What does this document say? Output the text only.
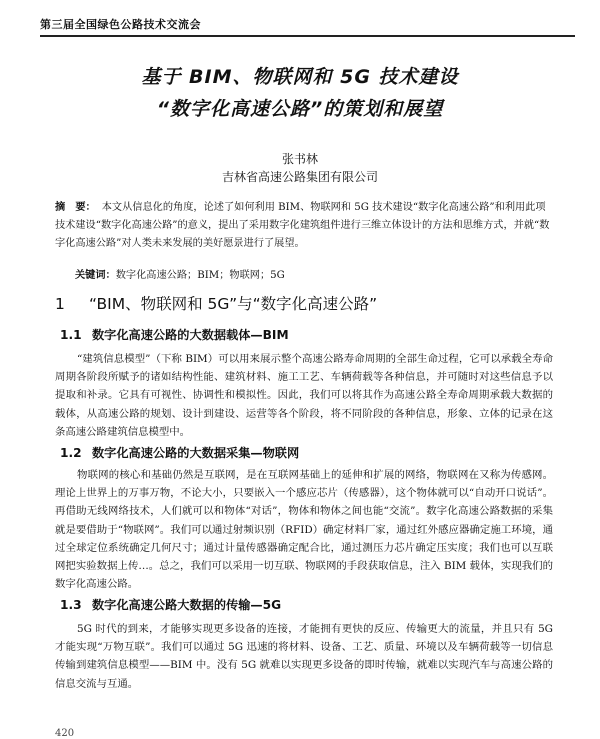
第三届全国绿色公路技术交流会
基于 BIM、物联网和 5G 技术建设
“数字化高速公路”的策划和展望
张书林
吉林省高速公路集团有限公司
摘　要： 本文从信息化的角度，论述了如何利用 BIM、物联网和 5G 技术建设“数字化高速公路”和利用此项技术建设“数字化高速公路”的意义，提出了采用数字化建筑组件进行三维立体设计的方法和思维方式，并就“数字化高速公路”对人类未来发展的美好愿景进行了展望。
关键词：数字化高速公路；BIM；物联网；5G
1 “BIM、物联网和 5G”与“数字化高速公路”
1.1 数字化高速公路的大数据载体—BIM
“建筑信息模型”（下称 BIM）可以用来展示整个高速公路寿命周期的全部生命过程，它可以承载全寿命周期各阶段所赋予的诸如结构性能、建筑材料、施工工艺、车辆荷载等各种信息，并可随时对这些信息予以提取和补录。它具有可视性、协调性和模拟性。因此，我们可以将其作为高速公路全寿命周期承载大数据的载体，从高速公路的规划、设计到建设、运营等各个阶段，将不同阶段的各种信息，形象、立体的记录在这条高速公路建筑信息模型中。
1.2 数字化高速公路的大数据采集—物联网
物联网的核心和基础仍然是互联网，是在互联网基础上的延伸和扩展的网络，物联网在又称为传感网。理论上世界上的万事万物，不论大小，只要嵌入一个感应芯片（传感器），这个物体就可以“自动开口说话”。再借助无线网络技术，人们就可以和物体“对话”，物体和物体之间也能“交流”。数字化高速公路数据的采集就是要借助于“物联网”。我们可以通过射频识别（RFID）确定材料厂家，通过红外感应器确定施工环境，通过全球定位系统确定几何尺寸；通过计量传感器确定配合比，通过测压力芯片确定压实度；我们也可以互联网把实验数据上传…。总之，我们可以采用一切互联、物联网的手段获取信息，注入 BIM 载体，实现我们的数字化高速公路。
1.3 数字化高速公路大数据的传输—5G
5G 时代的到来，才能够实现更多设备的连接，才能拥有更快的反应、传输更大的流量，并且只有 5G 才能实现“万物互联”。我们可以通过 5G 迅速的将材料、设备、工艺、质量、环境以及车辆荷载等一切信息传输到建筑信息模型——BIM 中。没有 5G 就难以实现更多设备的即时传输，就难以实现汽车与高速公路的信息交流与互通。
420
